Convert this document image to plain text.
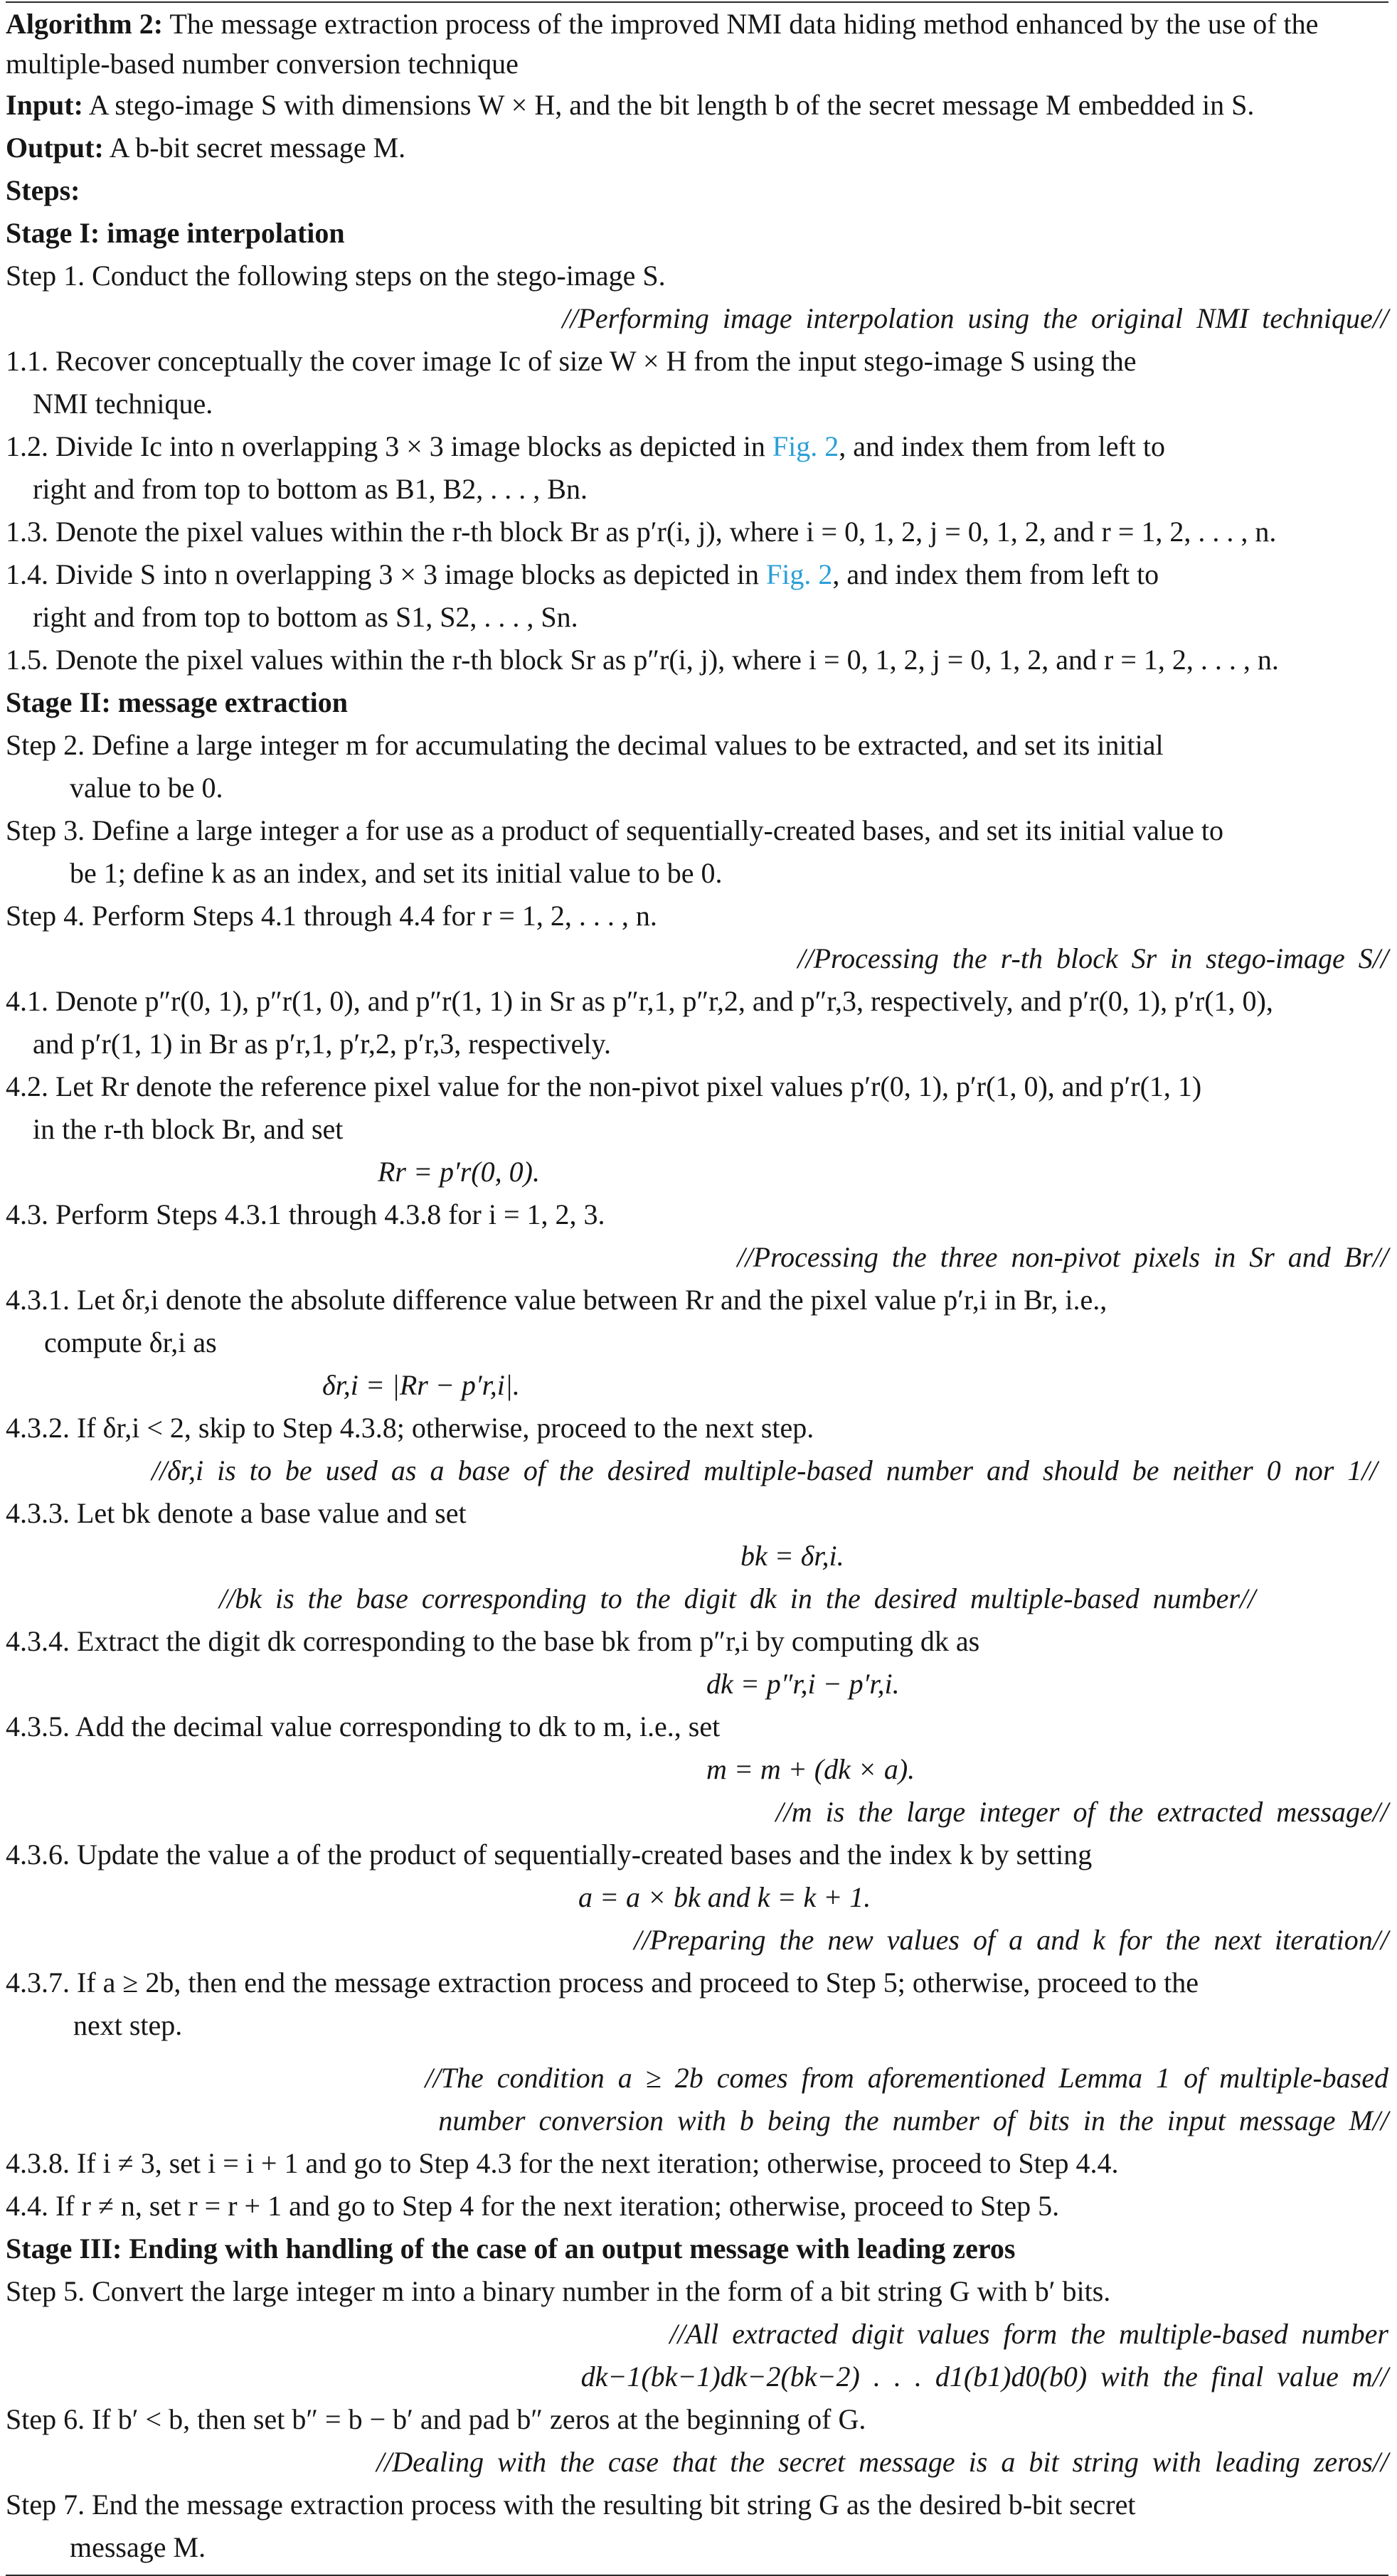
Algorithm 2: The message extraction process of the improved NMI data hiding method enhanced by the use of the multiple-based number conversion technique
Input: A stego-image S with dimensions W × H, and the bit length b of the secret message M embedded in S.
Output: A b-bit secret message M.
Steps:
Stage I: image interpolation
Step 1. Conduct the following steps on the stego-image S.
//Performing image interpolation using the original NMI technique//
1.1. Recover conceptually the cover image Ic of size W × H from the input stego-image S using the
NMI technique.
1.2. Divide Ic into n overlapping 3 × 3 image blocks as depicted in Fig. 2, and index them from left to
right and from top to bottom as B1, B2, . . . , Bn.
1.3. Denote the pixel values within the r-th block Br as p′r(i, j), where i = 0, 1, 2, j = 0, 1, 2, and r = 1, 2, . . . , n.
1.4. Divide S into n overlapping 3 × 3 image blocks as depicted in Fig. 2, and index them from left to
right and from top to bottom as S1, S2, . . . , Sn.
1.5. Denote the pixel values within the r-th block Sr as p″r(i, j), where i = 0, 1, 2, j = 0, 1, 2, and r = 1, 2, . . . , n.
Stage II: message extraction
Step 2. Define a large integer m for accumulating the decimal values to be extracted, and set its initial
value to be 0.
Step 3. Define a large integer a for use as a product of sequentially-created bases, and set its initial value to
be 1; define k as an index, and set its initial value to be 0.
Step 4. Perform Steps 4.1 through 4.4 for r = 1, 2, . . . , n.
//Processing the r-th block Sr in stego-image S//
4.1. Denote p″r(0, 1), p″r(1, 0), and p″r(1, 1) in Sr as p″r,1, p″r,2, and p″r,3, respectively, and p′r(0, 1), p′r(1, 0),
and p′r(1, 1) in Br as p′r,1, p′r,2, p′r,3, respectively.
4.2. Let Rr denote the reference pixel value for the non-pivot pixel values p′r(0, 1), p′r(1, 0), and p′r(1, 1)
in the r-th block Br, and set
Rr = p′r(0, 0).
4.3. Perform Steps 4.3.1 through 4.3.8 for i = 1, 2, 3.
//Processing the three non-pivot pixels in Sr and Br//
4.3.1. Let δr,i denote the absolute difference value between Rr and the pixel value p′r,i in Br, i.e.,
compute δr,i as
δr,i = |Rr − p′r,i|.
4.3.2. If δr,i < 2, skip to Step 4.3.8; otherwise, proceed to the next step.
//δr,i is to be used as a base of the desired multiple-based number and should be neither 0 nor 1//
4.3.3. Let bk denote a base value and set
bk = δr,i.
//bk is the base corresponding to the digit dk in the desired multiple-based number//
4.3.4. Extract the digit dk corresponding to the base bk from p″r,i by computing dk as
dk = p″r,i − p′r,i.
4.3.5. Add the decimal value corresponding to dk to m, i.e., set
m = m + (dk × a).
//m is the large integer of the extracted message//
4.3.6. Update the value a of the product of sequentially-created bases and the index k by setting
a = a × bk and k = k + 1.
//Preparing the new values of a and k for the next iteration//
4.3.7. If a ≥ 2b, then end the message extraction process and proceed to Step 5; otherwise, proceed to the
next step.
//The condition a ≥ 2b comes from aforementioned Lemma 1 of multiple-based
number conversion with b being the number of bits in the input message M//
4.3.8. If i ≠ 3, set i = i + 1 and go to Step 4.3 for the next iteration; otherwise, proceed to Step 4.4.
4.4. If r ≠ n, set r = r + 1 and go to Step 4 for the next iteration; otherwise, proceed to Step 5.
Stage III: Ending with handling of the case of an output message with leading zeros
Step 5. Convert the large integer m into a binary number in the form of a bit string G with b′ bits.
//All extracted digit values form the multiple-based number
dk−1(bk−1)dk−2(bk−2) . . . d1(b1)d0(b0) with the final value m//
Step 6. If b′ < b, then set b″ = b − b′ and pad b″ zeros at the beginning of G.
//Dealing with the case that the secret message is a bit string with leading zeros//
Step 7. End the message extraction process with the resulting bit string G as the desired b-bit secret
message M.
